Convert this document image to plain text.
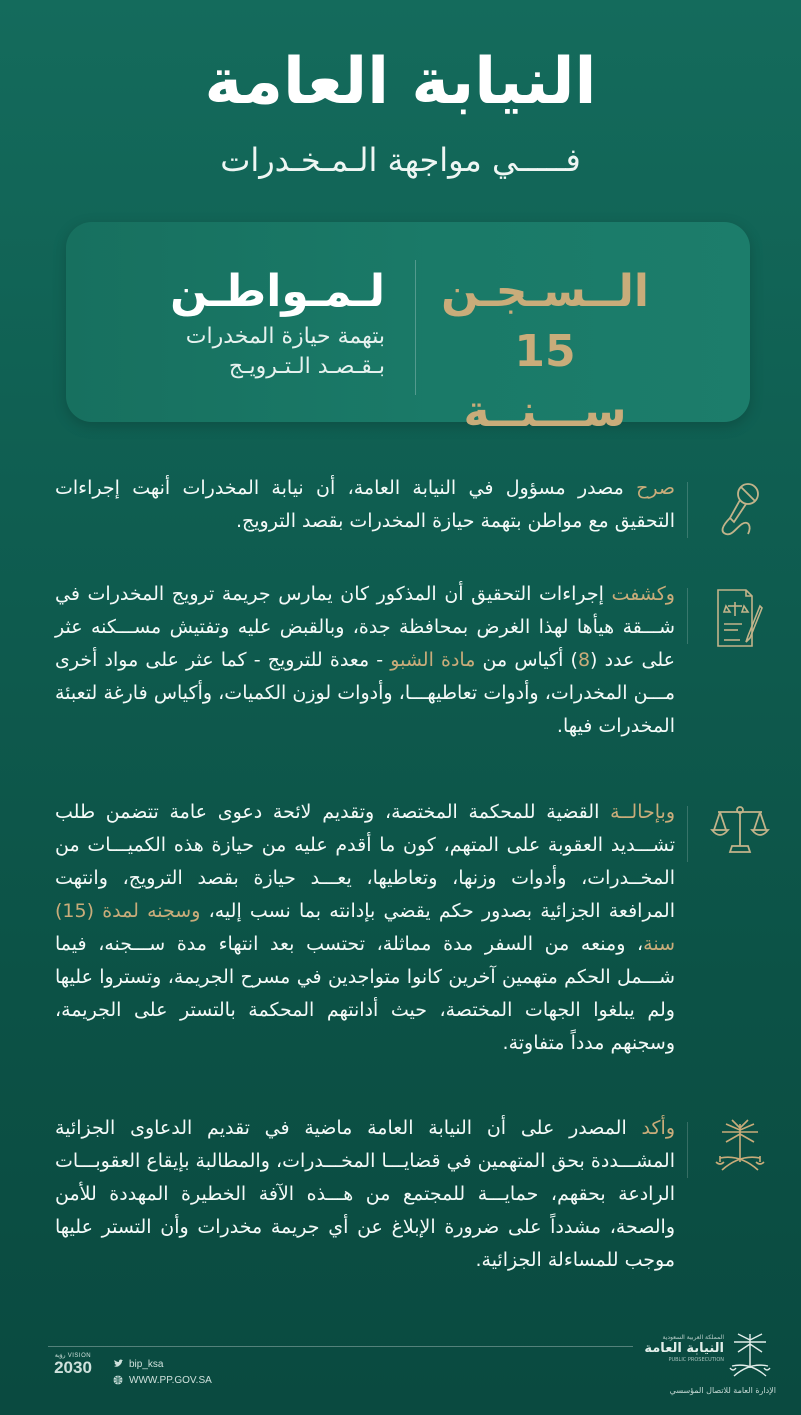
النيابة العامة
فـــــي مواجهة الـمـخـدرات
الــسـجـن
15 ســـنــة
لـمـواطـن
بتهمة حيازة المخدرات
بـقـصـد الـتـرويـج
صرح مصدر مسؤول في النيابة العامة، أن نيابة المخدرات أنهت إجراءات التحقيق مع مواطن بتهمة حيازة المخدرات بقصد الترويج.
وكشفت إجراءات التحقيق أن المذكور كان يمارس جريمة ترويج المخدرات في شـــقة هيأها لهذا الغرض بمحافظة جدة، وبالقبض عليه وتفتيش مســـكنه عثر على عدد (8) أكياس من مادة الشبو - معدة للترويج - كما عثر على مواد أخرى مـــن المخدرات، وأدوات تعاطيهـــا، وأدوات لوزن الكميات، وأكياس فارغة لتعبئة المخدرات فيها.
وبإحالــة القضية للمحكمة المختصة، وتقديم لائحة دعوى عامة تتضمن طلب تشـــديد العقوبة على المتهم، كون ما أقدم عليه من حيازة هذه الكميـــات من المخــدرات، وأدوات وزنها، وتعاطيها، يعـــد حيازة بقصد الترويج، وانتهت المرافعة الجزائية بصدور حكم يقضي بإدانته بما نسب إليه، وسجنه لمدة (15) سنة، ومنعه من السفر مدة مماثلة، تحتسب بعد انتهاء مدة ســـجنه، فيما شـــمل الحكم متهمين آخرين كانوا متواجدين في مسرح الجريمة، وتستروا عليها ولم يبلغوا الجهات المختصة، حيث أدانتهم المحكمة بالتستر على الجريمة، وسجنهم مدداً متفاوتة.
وأكد المصدر على أن النيابة العامة ماضية في تقديم الدعاوى الجزائية المشـــددة بحق المتهمين في قضايـــا المخـــدرات، والمطالبة بإيقاع العقوبـــات الرادعة بحقهم، حمايـــة للمجتمع من هـــذه الآفة الخطيرة المهددة للأمن والصحة، مشدداً على ضرورة الإبلاغ عن أي جريمة مخدرات وأن التستر عليها موجب للمساءلة الجزائية.
VISION رؤية
2030	bip_ksa
WWW.PP.GOV.SA
المملكة العربية السعودية
النيابة العامة
PUBLIC PROSECUTION
الإدارة العامة للاتصال المؤسسي
